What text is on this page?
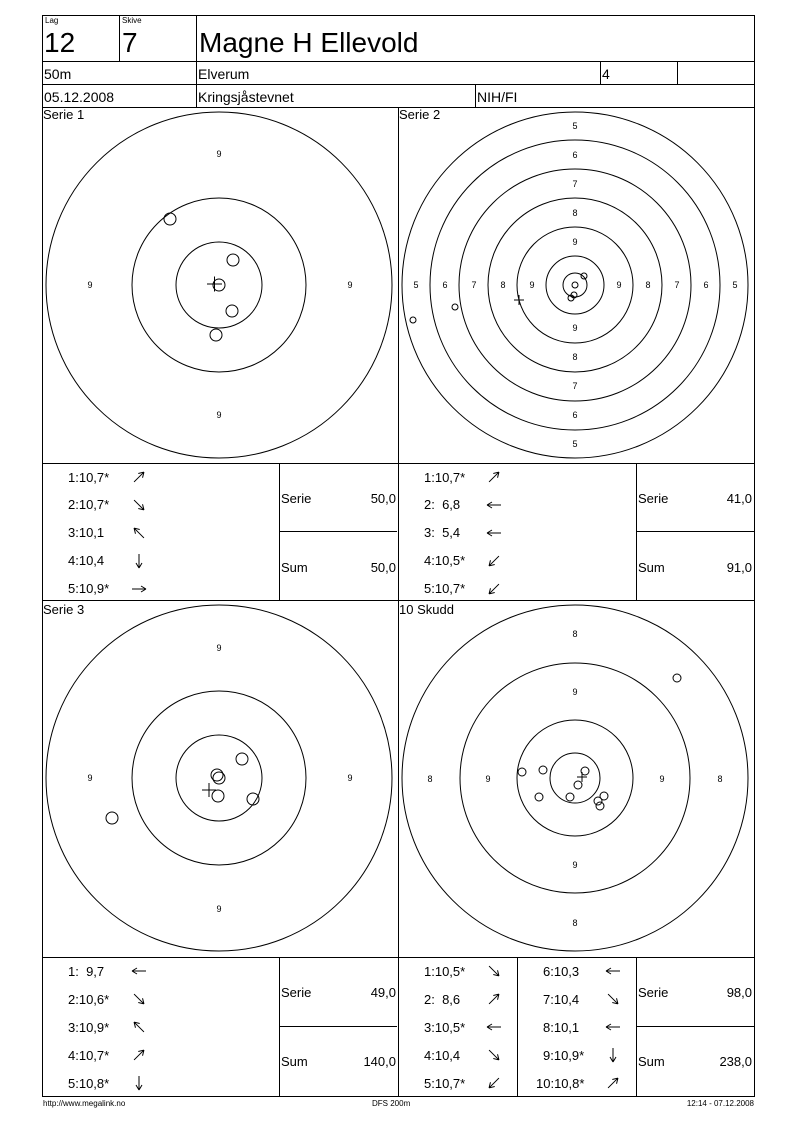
Lag
12
Skive
7 Magne H Ellevold
50m	Elverum	4
05.12.2008	Kringsjåstevnet	NIH/FI
Serie 1	Serie 2
Serie 3	10 Skudd
9
9
9	9
5
6
7
8
9
9
8
7
6
5
5	6	7	8	9	9	8	7	6	5
9
9
9	9
8
9
9
8
8	9	9	8
1:10,7*
2:10,7*
3:10,1
4:10,4
5:10,9*
Serie	50,0
Sum	50,0
1:10,7*
2:  6,8
3:  5,4
4:10,5*
5:10,7*
Serie	41,0
Sum	91,0
1:  9,7
2:10,6*
3:10,9*
4:10,7*
5:10,8*
Serie	49,0
Sum	140,0
1:10,5*
2:  8,6
3:10,5*
4:10,4
5:10,7*
6:10,3
7:10,4
8:10,1
9:10,9*
10:10,8*
Serie	98,0
Sum	238,0
http://www.megalink.no	DFS 200m	12:14 - 07.12.2008
